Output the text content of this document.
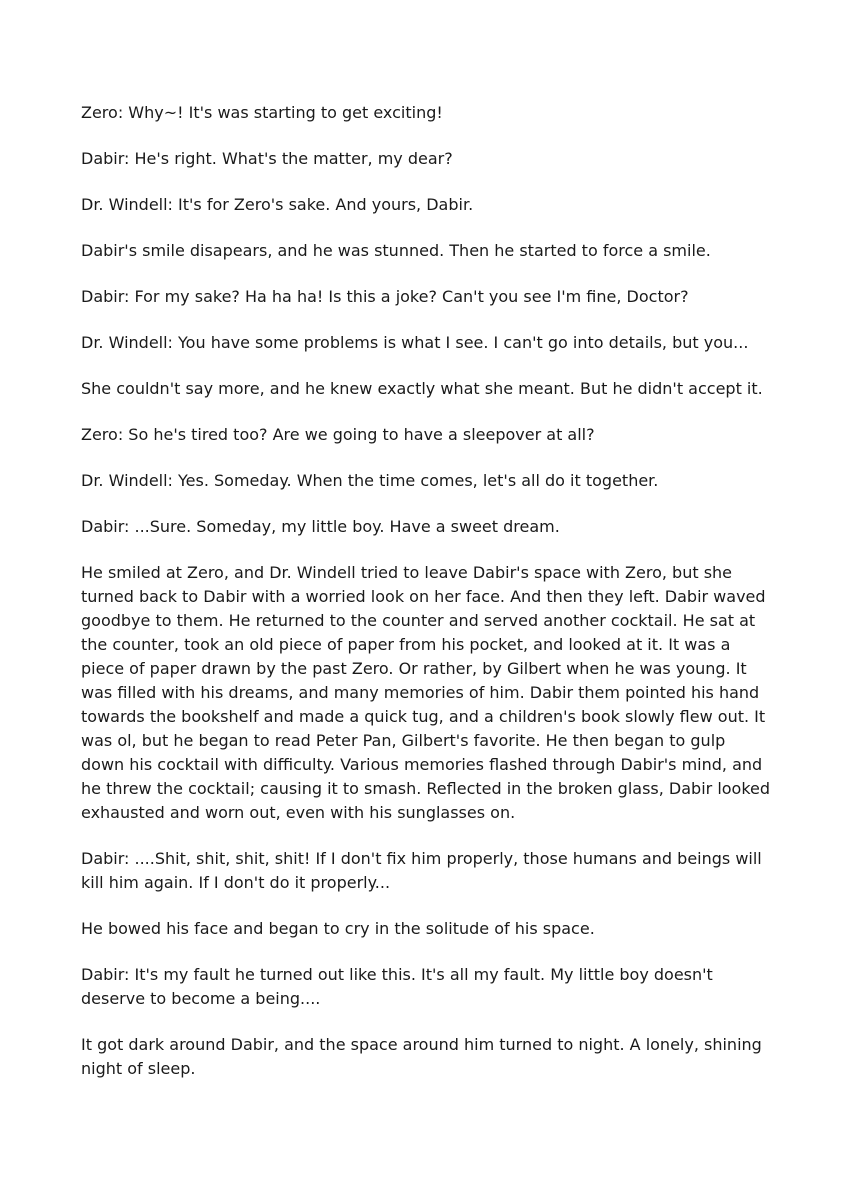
Zero: Why~! It's was starting to get exciting!

Dabir: He's right. What's the matter, my dear?

Dr. Windell: It's for Zero's sake. And yours, Dabir.

Dabir's smile disapears, and he was stunned. Then he started to force a smile.

Dabir: For my sake? Ha ha ha! Is this a joke? Can't you see I'm fine, Doctor?

Dr. Windell: You have some problems is what I see. I can't go into details, but you...

She couldn't say more, and he knew exactly what she meant. But he didn't accept it.

Zero: So he's tired too? Are we going to have a sleepover at all?

Dr. Windell: Yes. Someday. When the time comes, let's all do it together.

Dabir: ...Sure. Someday, my little boy. Have a sweet dream.

He smiled at Zero, and Dr. Windell tried to leave Dabir's space with Zero, but she turned back to Dabir with a worried look on her face. And then they left. Dabir waved goodbye to them. He returned to the counter and served another cocktail. He sat at the counter, took an old piece of paper from his pocket, and looked at it. It was a piece of paper drawn by the past Zero. Or rather, by Gilbert when he was young. It was filled with his dreams, and many memories of him. Dabir them pointed his hand towards the bookshelf and made a quick tug, and a children's book slowly flew out. It was ol, but he began to read Peter Pan, Gilbert's favorite. He then began to gulp down his cocktail with difficulty. Various memories flashed through Dabir's mind, and he threw the cocktail; causing it to smash. Reflected in the broken glass, Dabir looked exhausted and worn out, even with his sunglasses on.

Dabir: ....Shit, shit, shit, shit! If I don't fix him properly, those humans and beings will kill him again. If I don't do it properly...

He bowed his face and began to cry in the solitude of his space.

Dabir: It's my fault he turned out like this. It's all my fault. My little boy doesn't deserve to become a being....

It got dark around Dabir, and the space around him turned to night. A lonely, shining night of sleep.
